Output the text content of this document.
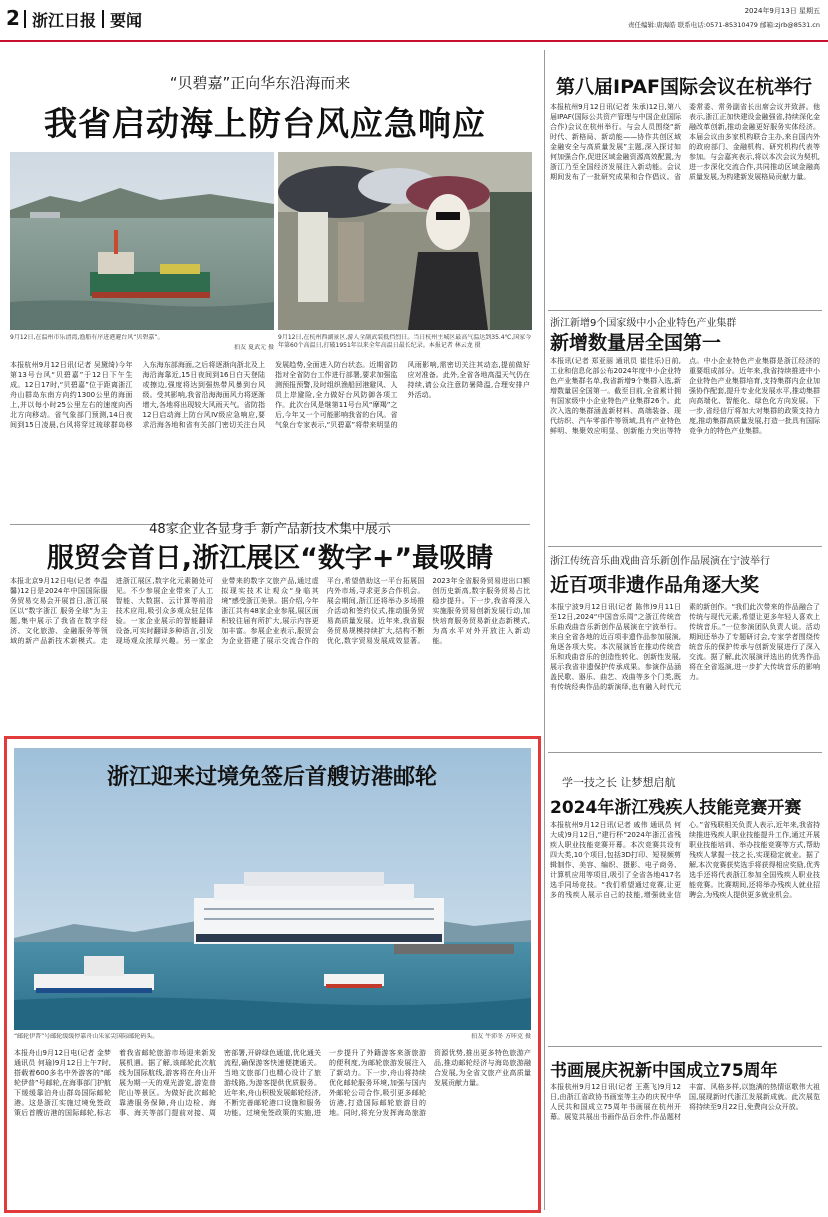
2 浙江日报 要闻	2024年9月13日 星期五
责任编辑:唐海皓 联系电话:0571-85310479 邮箱:zjrb@8531.cn
“贝碧嘉”正向华东沿海而来
我省启动海上防台风应急响应
9月12日,在温州市乐清湾,渔船有序进港避台风“贝碧嘉”。
拍友 夏武元 摄
9月12日,在杭州西湖景区,游人全副武装抵挡烈日。当日杭州主城区最高气温达到35.4℃,国家今年第60个高温日,打破1951年以来全年高温日最长纪录。本报记者 林云龙 摄
本报杭州9月12日讯(记者 吴黛绮)今年第13号台风“贝碧嘉”于12日下午生成。12日17时,“贝碧嘉”位于距离浙江舟山群岛东南方向约1300公里的海面上,并以每小时25公里左右的速度向西北方向移动。省气象部门预测,14日夜间到15日凌晨,台风将穿过琉球群岛移入东海东部海面,之后将逐渐向浙北及上海沿海靠近,15日夜间到16日白天登陆或擦边,强度将达到强热带风暴到台风级。受其影响,我省沿海海面风力将逐渐增大,各地将出现较大风雨天气。省防指12日启动海上防台风IV级应急响应,要求沿海各地和省有关部门密切关注台风发展趋势,全面进入防台状态。近期省防指对全省防台工作进行部署,要求加强监测预报预警,及时组织渔船回港避风、人员上岸避险,全力做好台风防御各项工作。此次台风是继第11号台风“摩羯”之后,今年又一个可能影响我省的台风。省气象台专家表示,“贝碧嘉”将带来明显的风雨影响,需密切关注其动态,提前做好应对准备。此外,全省各地高温天气仍在持续,请公众注意防暑降温,合理安排户外活动。
48家企业各显身手 新产品新技术集中展示
服贸会首日,浙江展区“数字+”最吸睛
本报北京9月12日电(记者 李温馨)12日是2024年中国国际服务贸易交易会开展首日,浙江展区以“数字浙江 服务全球”为主题,集中展示了我省在数字经济、文化旅游、金融服务等领域的新产品新技术新模式。走进浙江展区,数字化元素随处可见。不少参展企业带来了人工智能、大数据、云计算等前沿技术应用,吸引众多观众驻足体验。一家企业展示的智能翻译设备,可实时翻译多种语言,引发现场观众浓厚兴趣。另一家企业带来的数字文旅产品,通过虚拟现实技术让观众“身临其境”感受浙江美景。据介绍,今年浙江共有48家企业参展,展区面积较往届有所扩大,展示内容更加丰富。参展企业表示,服贸会为企业搭建了展示交流合作的平台,希望借助这一平台拓展国内外市场,寻求更多合作机会。展会期间,浙江还将举办多场推介活动和签约仪式,推动服务贸易高质量发展。近年来,我省服务贸易规模持续扩大,结构不断优化,数字贸易发展成效显著。2023年全省服务贸易进出口额创历史新高,数字服务贸易占比稳步提升。下一步,我省将深入实施服务贸易创新发展行动,加快培育服务贸易新业态新模式,为高水平对外开放注入新动能。
浙江迎来过境免签后首艘访港邮轮
“邮轮伊普”号邮轮缓缓停靠舟山朱家尖国际邮轮码头。	拍友 牛沛冬 方咔克 摄
本报舟山9月12日电(记者 金梦 通讯员 何瑜)9月12日上午7时,搭载着600多名中外游客的“邮轮伊普”号邮轮,在海事部门护航下缓缓靠泊舟山群岛国际邮轮港。这是浙江实施过境免签政策后首艘访港的国际邮轮,标志着我省邮轮旅游市场迎来新发展机遇。据了解,该邮轮此次航线为国际航线,游客将在舟山开展为期一天的观光游览,游览普陀山等景区。为做好此次邮轮靠港服务保障,舟山边检、海事、海关等部门提前对接、周密部署,开辟绿色通道,优化通关流程,确保游客快速便捷通关。当地文旅部门也精心设计了旅游线路,为游客提供优质服务。近年来,舟山积极发展邮轮经济,不断完善邮轮港口设施和服务功能。过境免签政策的实施,进一步提升了外籍游客来浙旅游的便利度,为邮轮旅游发展注入了新动力。下一步,舟山将持续优化邮轮服务环境,加强与国内外邮轮公司合作,吸引更多邮轮访港,打造国际邮轮旅游目的地。同时,将充分发挥海岛旅游资源优势,推出更多特色旅游产品,推动邮轮经济与海岛旅游融合发展,为全省文旅产业高质量发展贡献力量。
第八届IPAF国际会议在杭举行
本报杭州9月12日讯(记者 朱承)12日,第八届IPAF(国际公共资产管理与中国企业国际合作)会议在杭州举行。与会人员围绕“新时代、新格局、新动能——协作共创区域金融安全与高质量发展”主题,深入探讨如何加强合作,促进区域金融资源高效配置,为浙江乃至全国经济发展注入新动能。会议期间发布了一批研究成果和合作倡议。省委常委、常务副省长出席会议并致辞。他表示,浙江正加快建设金融强省,持续深化金融改革创新,推动金融更好服务实体经济。本届会议由多家机构联合主办,来自国内外的政府部门、金融机构、研究机构代表等参加。与会嘉宾表示,将以本次会议为契机,进一步深化交流合作,共同推动区域金融高质量发展,为构建新发展格局贡献力量。
浙江新增9个国家级中小企业特色产业集群
新增数量居全国第一
本报讯(记者 郑亚丽 通讯员 崔佳乐)日前,工业和信息化部公布2024年度中小企业特色产业集群名单,我省新增9个集群入选,新增数量居全国第一。截至目前,全省累计拥有国家级中小企业特色产业集群26个。此次入选的集群涵盖新材料、高端装备、现代纺织、汽车零部件等领域,具有产业特色鲜明、集聚效应明显、创新能力突出等特点。中小企业特色产业集群是浙江经济的重要组成部分。近年来,我省持续推进中小企业特色产业集群培育,支持集群内企业加强协作配套,提升专业化发展水平,推动集群向高端化、智能化、绿色化方向发展。下一步,省经信厅将加大对集群的政策支持力度,推动集群高质量发展,打造一批具有国际竞争力的特色产业集群。
浙江传统音乐曲戏曲音乐新创作品展演在宁波举行
近百项非遗作品角逐大奖
本报宁波9月12日讯(记者 陈伟)9月11日至12日,2024“中国音乐周”之浙江传统音乐曲戏曲音乐新创作品展演在宁波举行。来自全省各地的近百项非遗作品参加展演,角逐各项大奖。本次展演旨在推动传统音乐和戏曲音乐的创造性转化、创新性发展,展示我省非遗保护传承成果。参演作品涵盖民歌、器乐、曲艺、戏曲等多个门类,既有传统经典作品的新演绎,也有融入时代元素的新创作。“我们此次带来的作品融合了传统与现代元素,希望让更多年轻人喜欢上传统音乐。”一位参演团队负责人说。活动期间还举办了专题研讨会,专家学者围绕传统音乐的保护传承与创新发展进行了深入交流。据了解,此次展演评选出的优秀作品将在全省巡演,进一步扩大传统音乐的影响力。
学一技之长 让梦想启航
2024年浙江残疾人技能竞赛开赛
本报杭州9月12日讯(记者 戚伟 通讯员 何大成)9月12日,“建行杯”2024年浙江省残疾人职业技能竞赛开幕。本次竞赛共设有四大类,10个项目,包括3D打印、短视频剪辑制作、美容、编织、摄影、电子商务、计算机应用等项目,吸引了全省各地417名选手同场竞技。“我们希望通过竞赛,让更多的残疾人展示自己的技能,增强就业信心。”省残联相关负责人表示,近年来,我省持续推进残疾人职业技能提升工作,通过开展职业技能培训、举办技能竞赛等方式,帮助残疾人掌握一技之长,实现稳定就业。据了解,本次竞赛获奖选手将获得相应奖励,优秀选手还将代表浙江参加全国残疾人职业技能竞赛。比赛期间,还将举办残疾人就业招聘会,为残疾人提供更多就业机会。
书画展庆祝新中国成立75周年
本报杭州9月12日讯(记者 王燕飞)9月12日,由浙江省政协书画室等主办的庆祝中华人民共和国成立75周年书画展在杭州开幕。展览共展出书画作品百余件,作品题材丰富、风格多样,以饱满的热情讴歌伟大祖国,展现新时代浙江发展新成就。此次展览将持续至9月22日,免费向公众开放。
